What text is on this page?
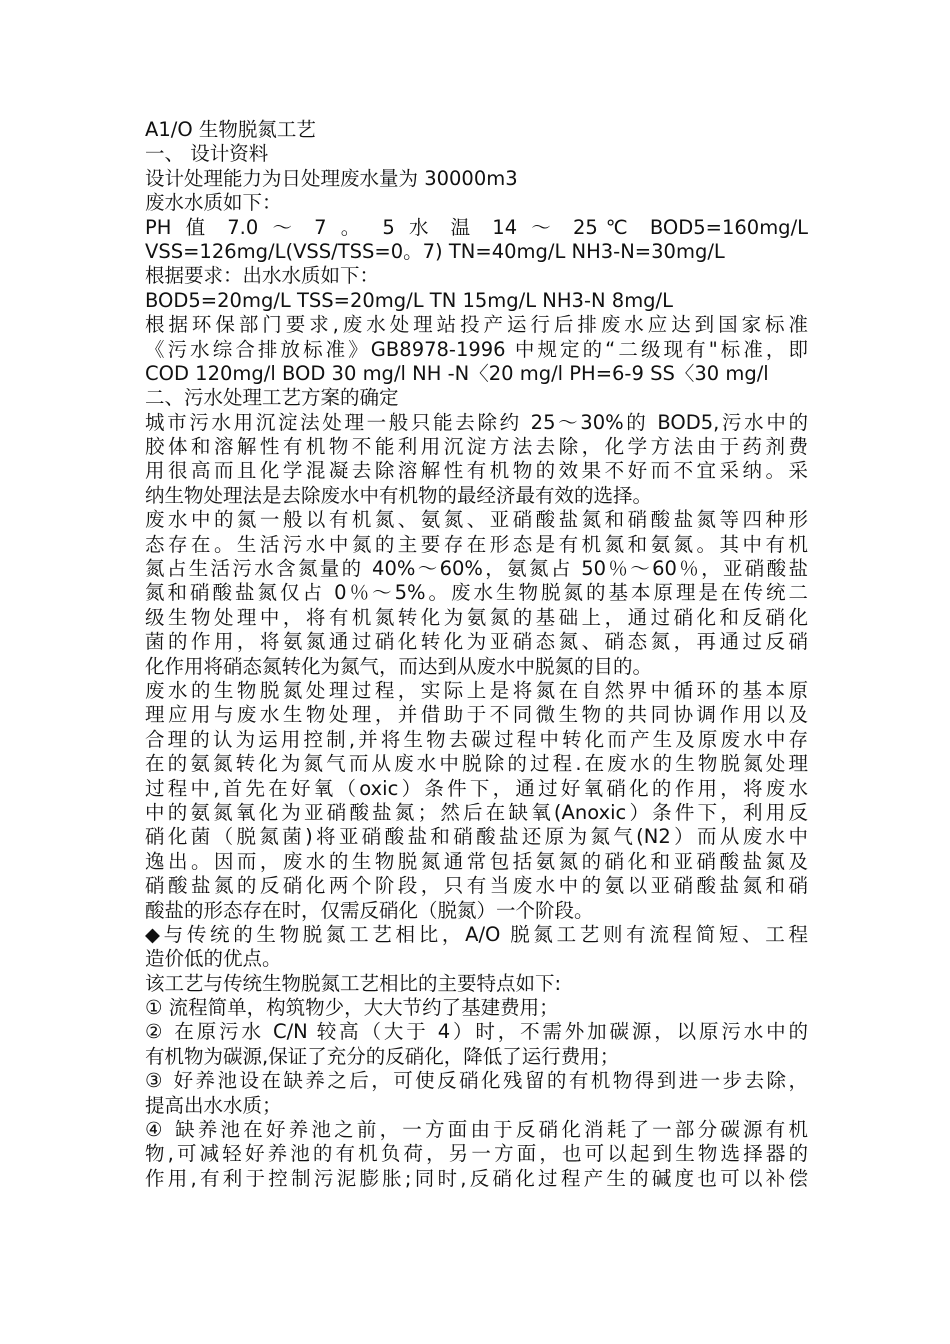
A1/O 生物脱氮工艺
一、 设计资料
设计处理能力为日处理废水量为 30000m3
废水水质如下：
PH 值 7.0 ～ 7 。 5 水 温 14 ～ 25℃ BOD5=160mg/L
VSS=126mg/L(VSS/TSS=0。7) TN=40mg/L NH3-N=30mg/L
根据要求：出水水质如下：
BOD5=20mg/L TSS=20mg/L TN 15mg/L NH3-N 8mg/L
根据环保部门要求,废水处理站投产运行后排废水应达到国家标准
《污水综合排放标准》GB8978-1996 中规定的“二级现有"标准，即
COD 120mg/l BOD 30 mg/l NH -N〈20 mg/l PH=6-9 SS〈30 mg/l
二、污水处理工艺方案的确定
城市污水用沉淀法处理一般只能去除约 25～30%的 BOD5,污水中的
胶体和溶解性有机物不能利用沉淀方法去除，化学方法由于药剂费
用很高而且化学混凝去除溶解性有机物的效果不好而不宜采纳。采
纳生物处理法是去除废水中有机物的最经济最有效的选择。
废水中的氮一般以有机氮、氨氮、亚硝酸盐氮和硝酸盐氮等四种形
态存在。生活污水中氮的主要存在形态是有机氮和氨氮。其中有机
氮占生活污水含氮量的 40%～60%，氨氮占 50％～60％，亚硝酸盐
氮和硝酸盐氮仅占 0％～5%。废水生物脱氮的基本原理是在传统二
级生物处理中，将有机氮转化为氨氮的基础上，通过硝化和反硝化
菌的作用，将氨氮通过硝化转化为亚硝态氮、硝态氮，再通过反硝
化作用将硝态氮转化为氮气，而达到从废水中脱氮的目的。
废水的生物脱氮处理过程，实际上是将氮在自然界中循环的基本原
理应用与废水生物处理，并借助于不同微生物的共同协调作用以及
合理的认为运用控制,并将生物去碳过程中转化而产生及原废水中存
在的氨氮转化为氮气而从废水中脱除的过程.在废水的生物脱氮处理
过程中,首先在好氧（oxic）条件下，通过好氧硝化的作用，将废水
中的氨氮氧化为亚硝酸盐氮；然后在缺氧(Anoxic）条件下，利用反
硝化菌（脱氮菌)将亚硝酸盐和硝酸盐还原为氮气(N2）而从废水中
逸出。因而，废水的生物脱氮通常包括氨氮的硝化和亚硝酸盐氮及
硝酸盐氮的反硝化两个阶段，只有当废水中的氨以亚硝酸盐氮和硝
酸盐的形态存在时，仅需反硝化（脱氮）一个阶段。
◆与传统的生物脱氮工艺相比，A/O 脱氮工艺则有流程简短、工程
造价低的优点。
该工艺与传统生物脱氮工艺相比的主要特点如下:
① 流程简单，构筑物少，大大节约了基建费用；
② 在原污水 C/N 较高（大于 4）时，不需外加碳源，以原污水中的
有机物为碳源,保证了充分的反硝化，降低了运行费用；
③ 好养池设在缺养之后，可使反硝化残留的有机物得到进一步去除，
提高出水水质；
④ 缺养池在好养池之前，一方面由于反硝化消耗了一部分碳源有机
物,可减轻好养池的有机负荷，另一方面，也可以起到生物选择器的
作用,有利于控制污泥膨胀;同时,反硝化过程产生的碱度也可以补偿
